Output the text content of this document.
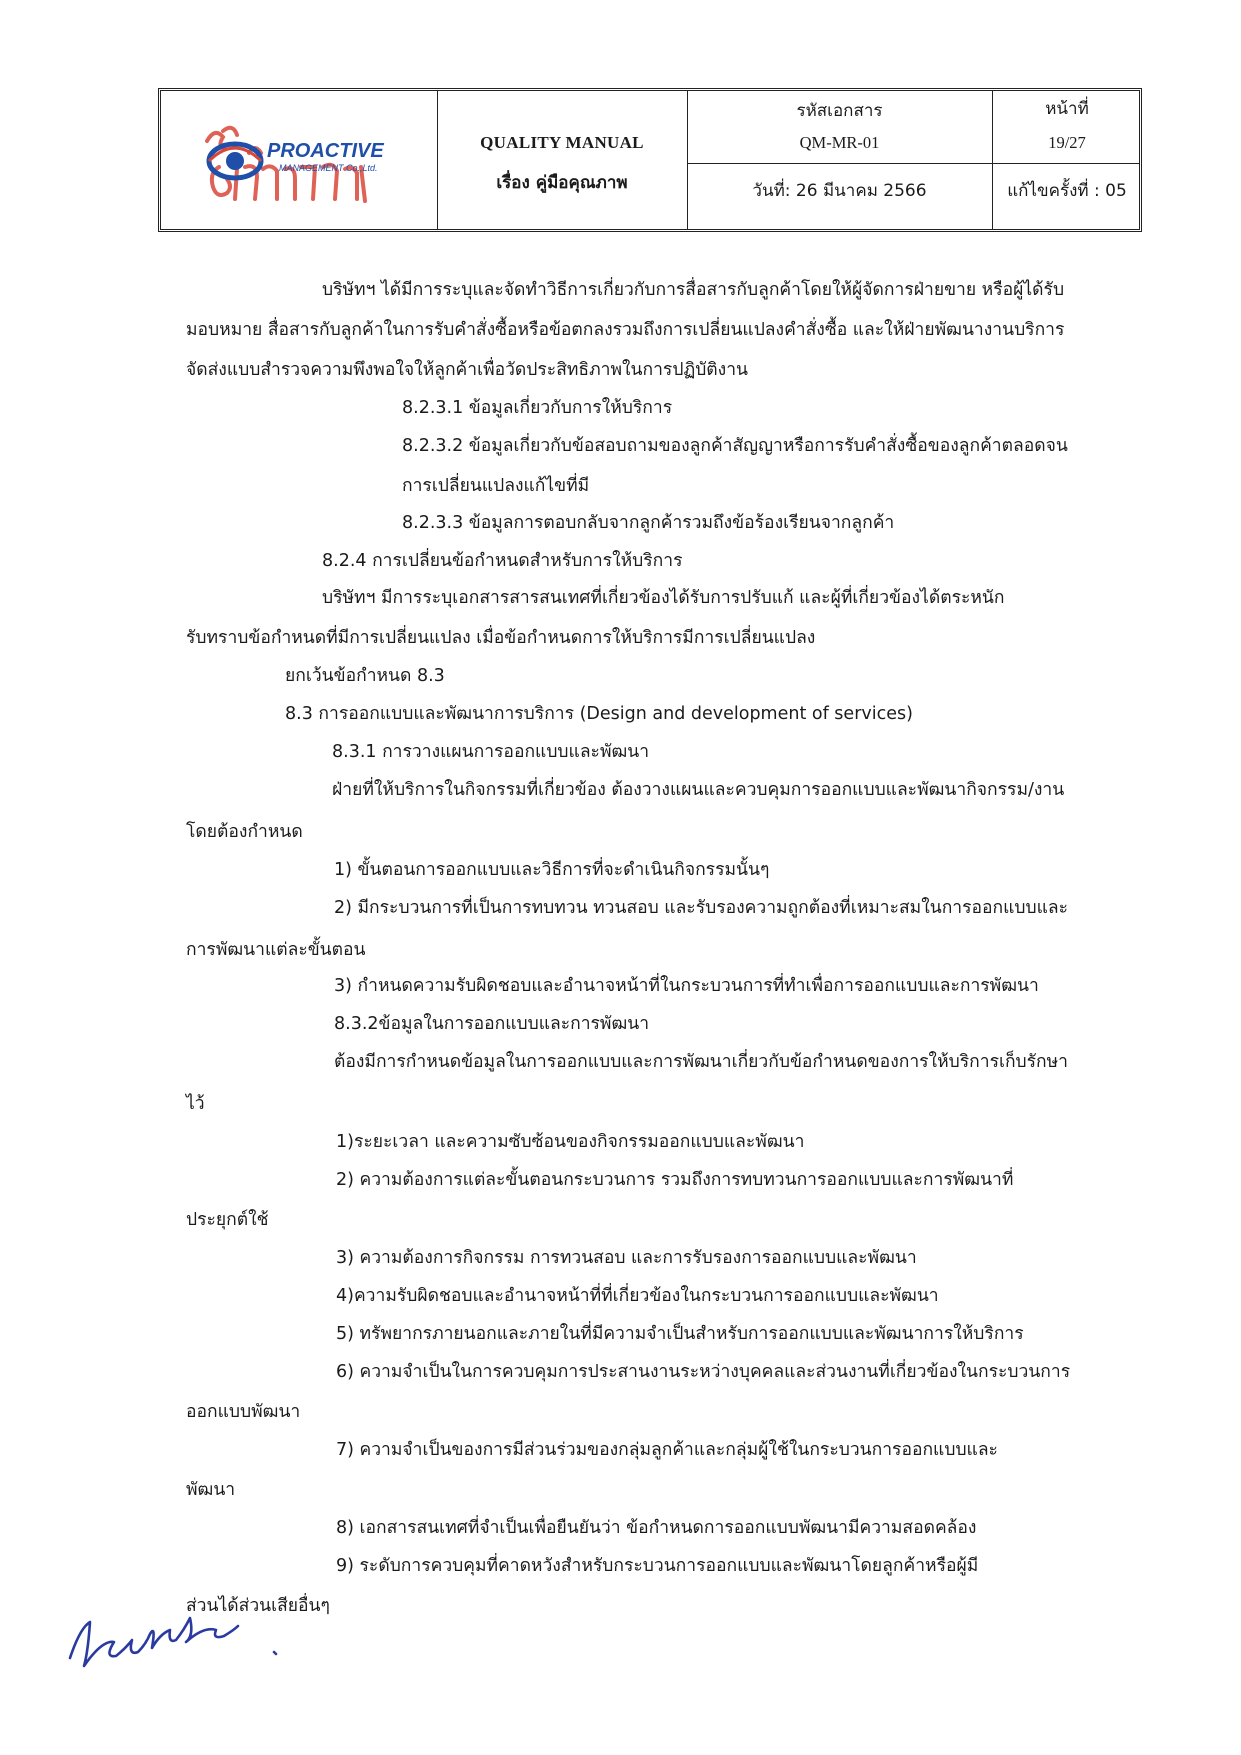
PROACTIVE
MANAGEMENT Co.,Ltd.
QUALITY MANUAL
เรื่อง คู่มือคุณภาพ
รหัสเอกสาร
QM-MR-01
วันที่: 26 มีนาคม 2566
หน้าที่
19/27
แก้ไขครั้งที่ : 05
บริษัทฯ ได้มีการระบุและจัดทำวิธีการเกี่ยวกับการสื่อสารกับลูกค้าโดยให้ผู้จัดการฝ่ายขาย หรือผู้ได้รับ
มอบหมาย สื่อสารกับลูกค้าในการรับคำสั่งซื้อหรือข้อตกลงรวมถึงการเปลี่ยนแปลงคำสั่งซื้อ และให้ฝ่ายพัฒนางานบริการ
จัดส่งแบบสำรวจความพึงพอใจให้ลูกค้าเพื่อวัดประสิทธิภาพในการปฏิบัติงาน
8.2.3.1 ข้อมูลเกี่ยวกับการให้บริการ
8.2.3.2 ข้อมูลเกี่ยวกับข้อสอบถามของลูกค้าสัญญาหรือการรับคำสั่งซื้อของลูกค้าตลอดจน
การเปลี่ยนแปลงแก้ไขที่มี
8.2.3.3 ข้อมูลการตอบกลับจากลูกค้ารวมถึงข้อร้องเรียนจากลูกค้า
8.2.4 การเปลี่ยนข้อกำหนดสำหรับการให้บริการ
บริษัทฯ มีการระบุเอกสารสารสนเทศที่เกี่ยวข้องได้รับการปรับแก้ และผู้ที่เกี่ยวข้องได้ตระหนัก
รับทราบข้อกำหนดที่มีการเปลี่ยนแปลง เมื่อข้อกำหนดการให้บริการมีการเปลี่ยนแปลง
ยกเว้นข้อกำหนด 8.3
8.3 การออกแบบและพัฒนาการบริการ (Design and development of services)
8.3.1 การวางแผนการออกแบบและพัฒนา
ฝ่ายที่ให้บริการในกิจกรรมที่เกี่ยวข้อง ต้องวางแผนและควบคุมการออกแบบและพัฒนากิจกรรม/งาน
โดยต้องกำหนด
1) ขั้นตอนการออกแบบและวิธีการที่จะดำเนินกิจกรรมนั้นๆ
2) มีกระบวนการที่เป็นการทบทวน ทวนสอบ และรับรองความถูกต้องที่เหมาะสมในการออกแบบและ
การพัฒนาแต่ละขั้นตอน
3) กำหนดความรับผิดชอบและอำนาจหน้าที่ในกระบวนการที่ทำเพื่อการออกแบบและการพัฒนา
8.3.2ข้อมูลในการออกแบบและการพัฒนา
ต้องมีการกำหนดข้อมูลในการออกแบบและการพัฒนาเกี่ยวกับข้อกำหนดของการให้บริการเก็บรักษา
ไว้
1)ระยะเวลา และความซับซ้อนของกิจกรรมออกแบบและพัฒนา
2) ความต้องการแต่ละขั้นตอนกระบวนการ รวมถึงการทบทวนการออกแบบและการพัฒนาที่
ประยุกต์ใช้
3) ความต้องการกิจกรรม การทวนสอบ และการรับรองการออกแบบและพัฒนา
4)ความรับผิดชอบและอำนาจหน้าที่ที่เกี่ยวข้องในกระบวนการออกแบบและพัฒนา
5) ทรัพยากรภายนอกและภายในที่มีความจำเป็นสำหรับการออกแบบและพัฒนาการให้บริการ
6) ความจำเป็นในการควบคุมการประสานงานระหว่างบุคคลและส่วนงานที่เกี่ยวข้องในกระบวนการ
ออกแบบพัฒนา
7) ความจำเป็นของการมีส่วนร่วมของกลุ่มลูกค้าและกลุ่มผู้ใช้ในกระบวนการออกแบบและ
พัฒนา
8) เอกสารสนเทศที่จำเป็นเพื่อยืนยันว่า ข้อกำหนดการออกแบบพัฒนามีความสอดคล้อง
9) ระดับการควบคุมที่คาดหวังสำหรับกระบวนการออกแบบและพัฒนาโดยลูกค้าหรือผู้มี
ส่วนได้ส่วนเสียอื่นๆ
